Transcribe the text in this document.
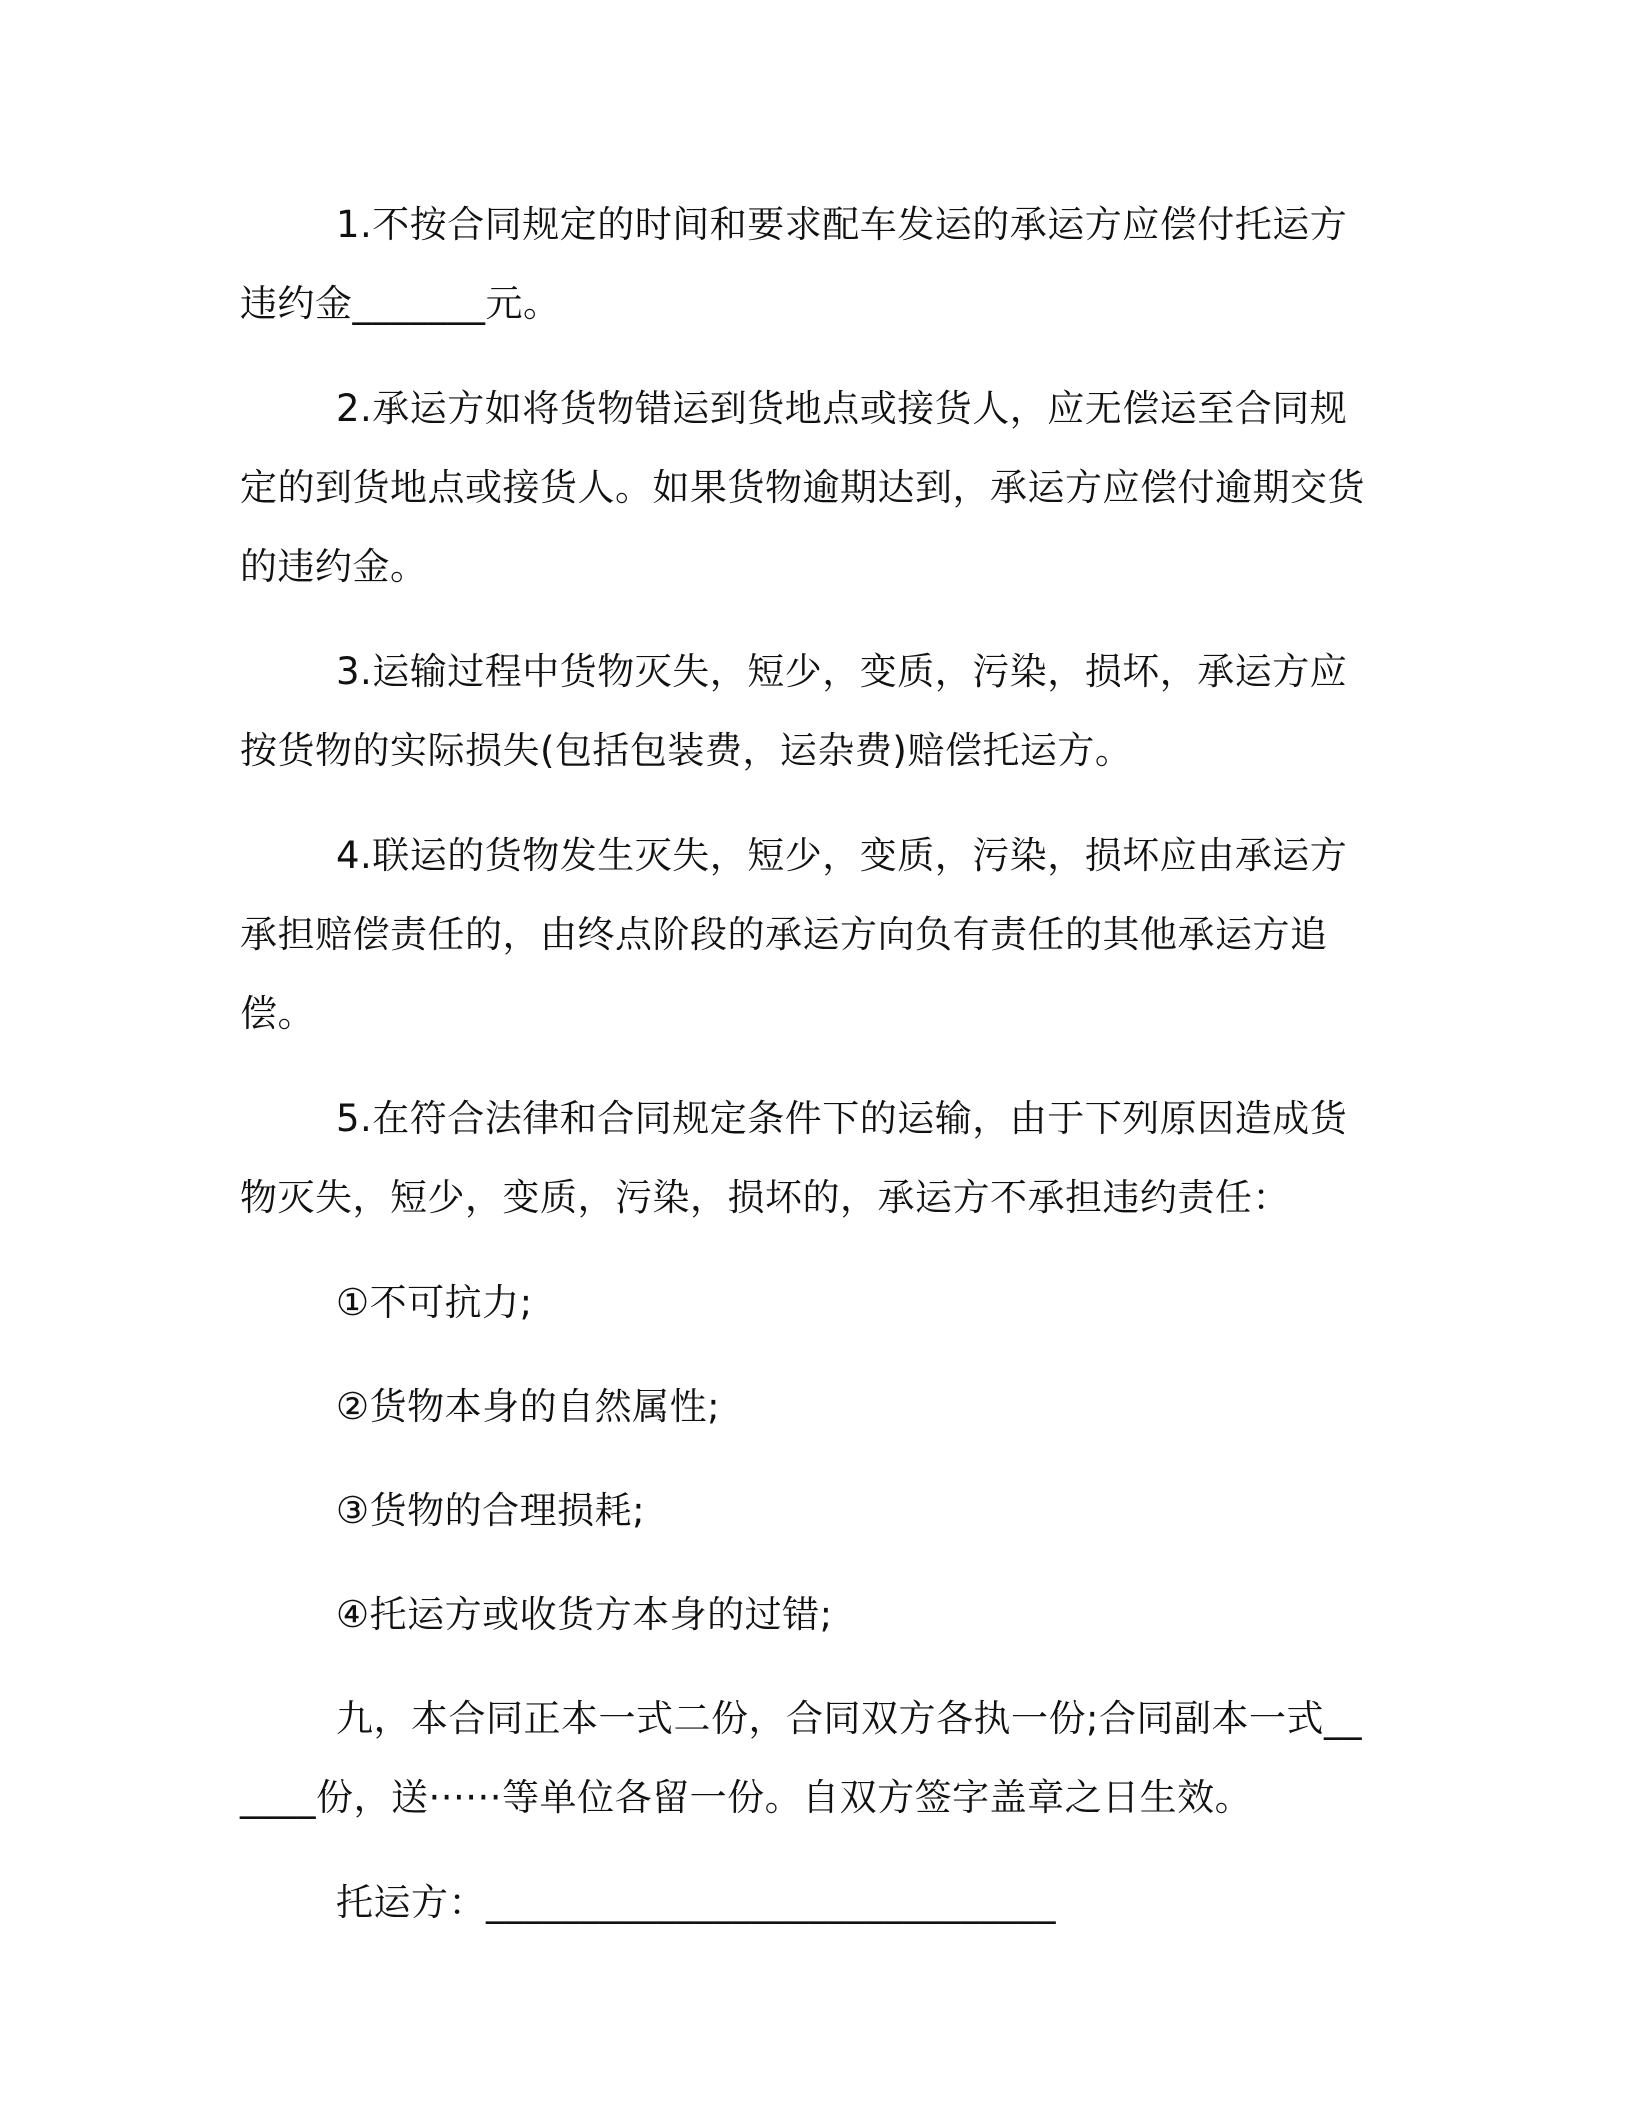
1.不按合同规定的时间和要求配车发运的承运方应偿付托运方违约金_______元。

2.承运方如将货物错运到货地点或接货人，应无偿运至合同规定的到货地点或接货人。如果货物逾期达到，承运方应偿付逾期交货的违约金。

3.运输过程中货物灭失，短少，变质，污染，损坏，承运方应按货物的实际损失(包括包装费，运杂费)赔偿托运方。

4.联运的货物发生灭失，短少，变质，污染，损坏应由承运方承担赔偿责任的，由终点阶段的承运方向负有责任的其他承运方追偿。

5.在符合法律和合同规定条件下的运输，由于下列原因造成货物灭失，短少，变质，污染，损坏的，承运方不承担违约责任：

①不可抗力;

②货物本身的自然属性;

③货物的合理损耗;

④托运方或收货方本身的过错;

九，本合同正本一式二份，合同双方各执一份;合同副本一式______份，送······等单位各留一份。自双方签字盖章之日生效。

托运方：______________________________
